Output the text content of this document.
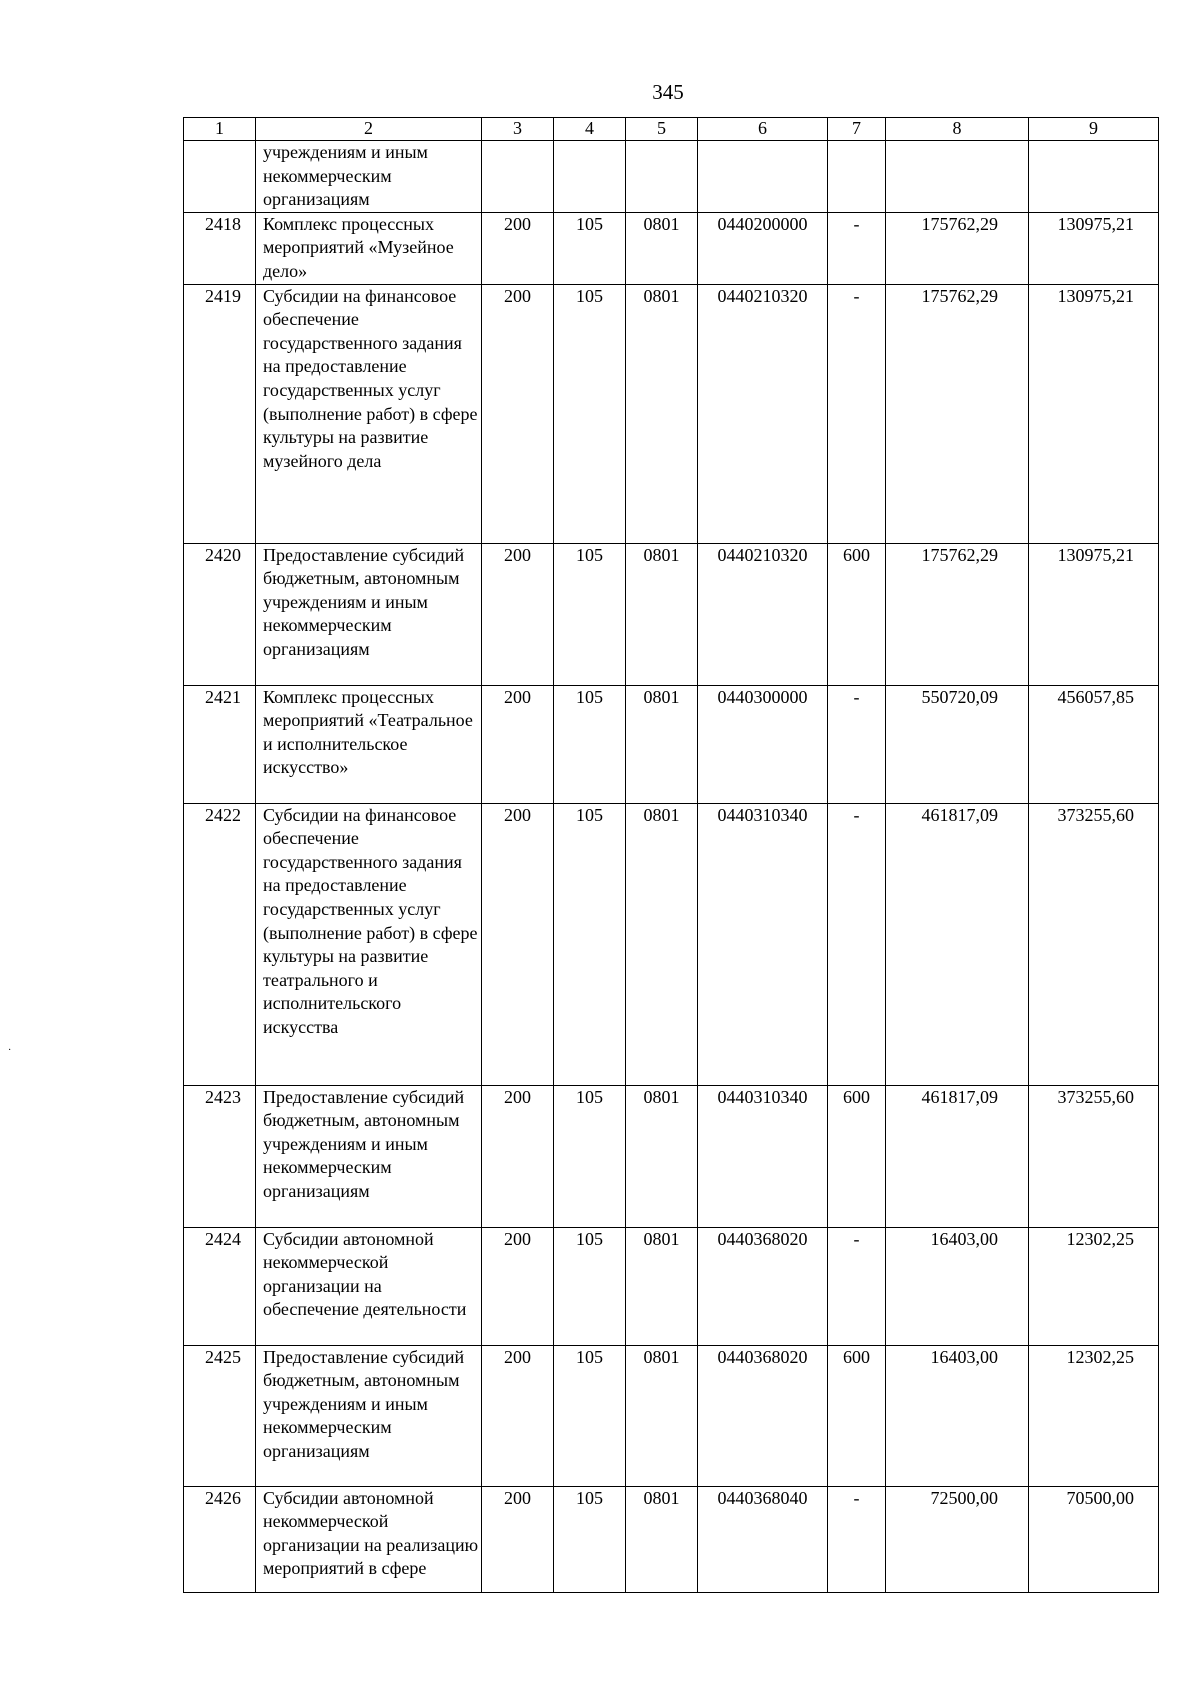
345
1	2	3	4	5	6	7	8	9
	учреждениям и иным некоммерческим организациям							
2418	Комплекс процессных мероприятий «Музейное дело»	200	105	0801	0440200000	-	175762,29	130975,21
2419	Субсидии на финансовое обеспечение государственного задания на предоставление государственных услуг (выполнение работ) в сфере культуры на развитие музейного дела	200	105	0801	0440210320	-	175762,29	130975,21
2420	Предоставление субсидий бюджетным, автономным учреждениям и иным некоммерческим организациям	200	105	0801	0440210320	600	175762,29	130975,21
2421	Комплекс процессных мероприятий «Театральное и исполнительское искусство»	200	105	0801	0440300000	-	550720,09	456057,85
2422	Субсидии на финансовое обеспечение государственного задания на предоставление государственных услуг (выполнение работ) в сфере культуры на развитие театрального и исполнительского искусства	200	105	0801	0440310340	-	461817,09	373255,60
2423	Предоставление субсидий бюджетным, автономным учреждениям и иным некоммерческим организациям	200	105	0801	0440310340	600	461817,09	373255,60
2424	Субсидии автономной некоммерческой организации на обеспечение деятельности	200	105	0801	0440368020	-	16403,00	12302,25
2425	Предоставление субсидий бюджетным, автономным учреждениям и иным некоммерческим организациям	200	105	0801	0440368020	600	16403,00	12302,25
2426	Субсидии автономной некоммерческой организации на реализацию мероприятий в сфере	200	105	0801	0440368040	-	72500,00	70500,00
·
